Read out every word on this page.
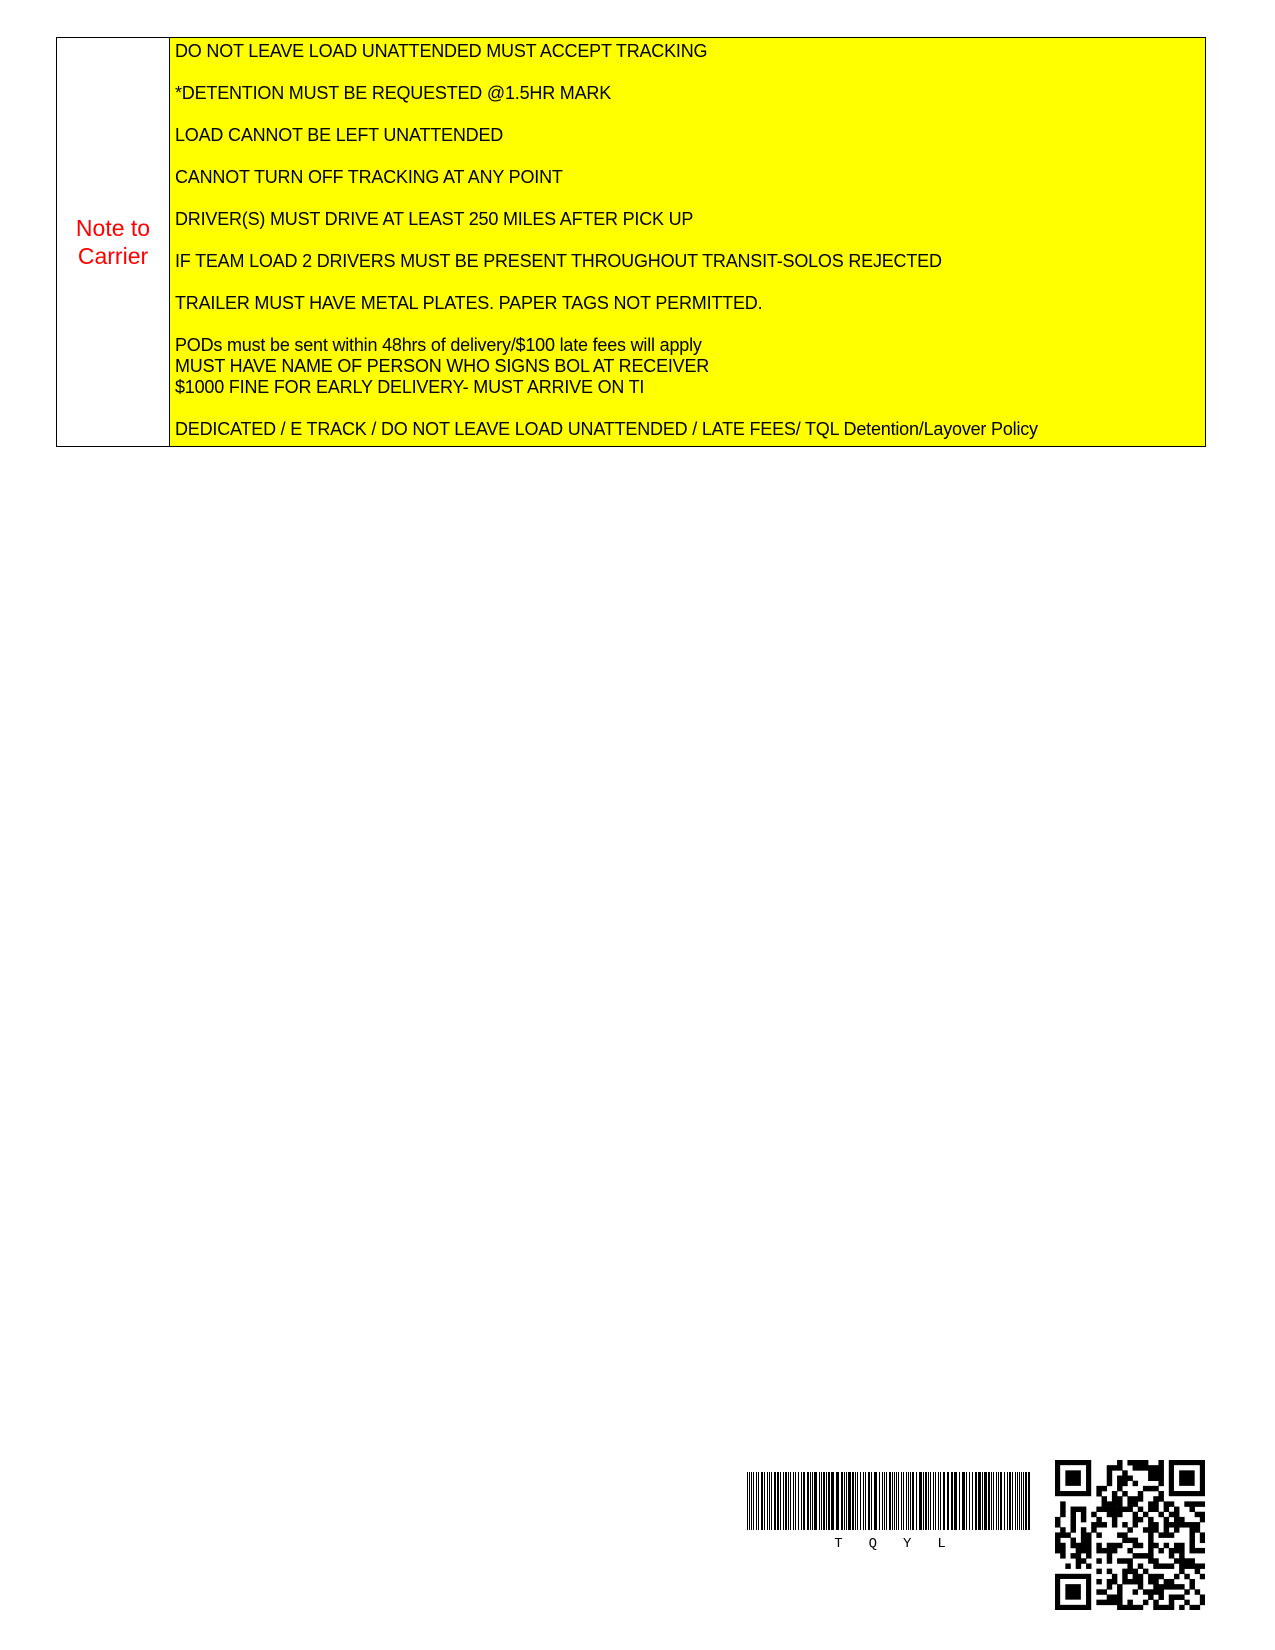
Note to Carrier
DO NOT LEAVE LOAD UNATTENDED MUST ACCEPT TRACKING
*DETENTION MUST BE REQUESTED @1.5HR MARK
LOAD CANNOT BE LEFT UNATTENDED
CANNOT TURN OFF TRACKING AT ANY POINT
DRIVER(S) MUST DRIVE AT LEAST 250 MILES AFTER PICK UP
IF TEAM LOAD 2 DRIVERS MUST BE PRESENT THROUGHOUT TRANSIT-SOLOS REJECTED
TRAILER MUST HAVE METAL PLATES. PAPER TAGS NOT PERMITTED.
PODs must be sent within 48hrs of delivery/$100 late fees will apply
MUST HAVE NAME OF PERSON WHO SIGNS BOL AT RECEIVER
$1000 FINE FOR EARLY DELIVERY- MUST ARRIVE ON TI
DEDICATED / E TRACK / DO NOT LEAVE LOAD UNATTENDED / LATE FEES/ TQL Detention/Layover Policy
TQYL
